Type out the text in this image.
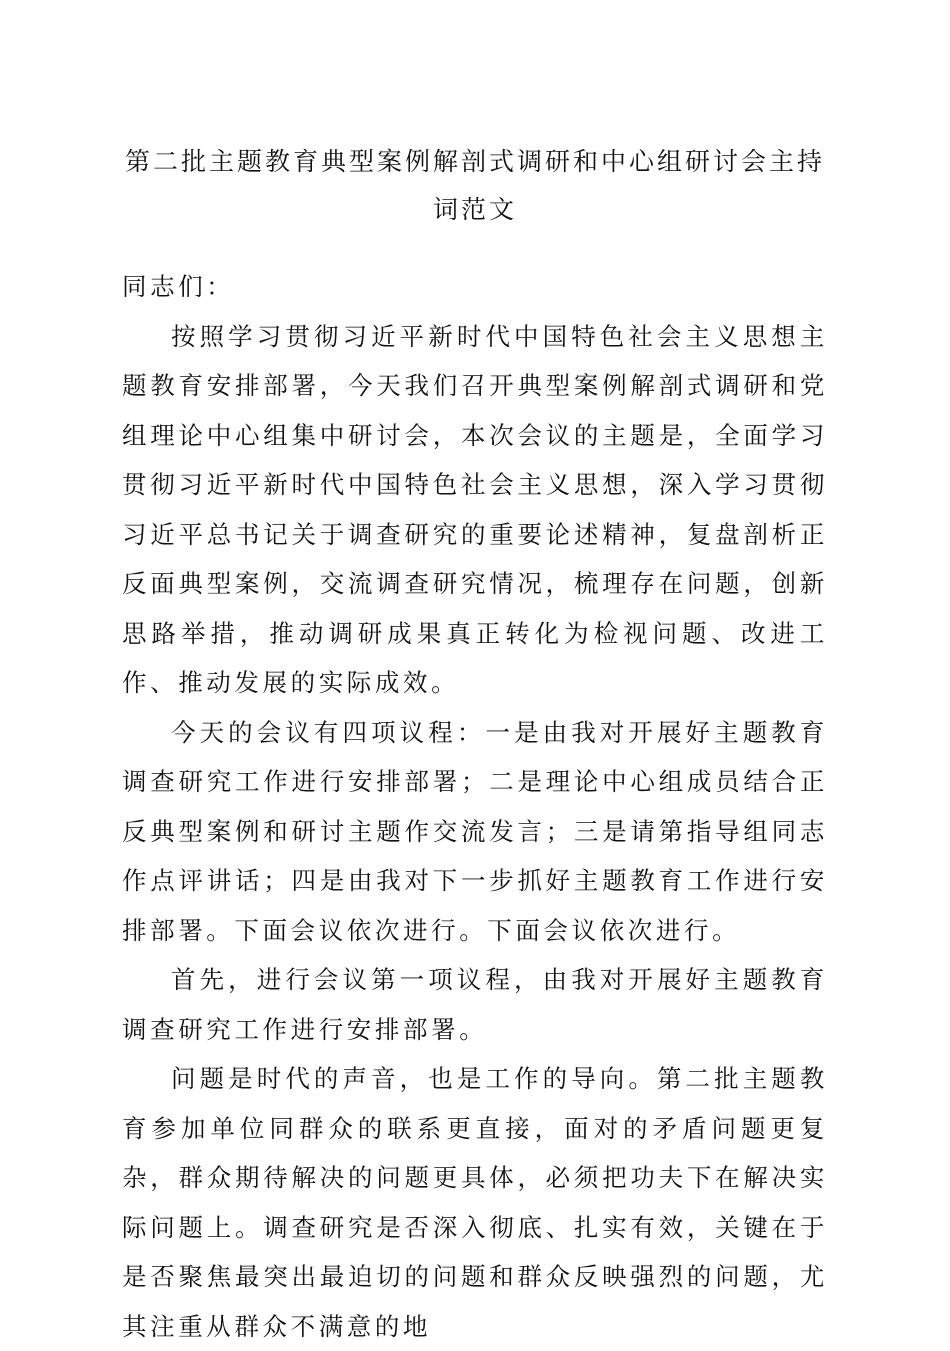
第二批主题教育典型案例解剖式调研和中心组研讨会主持词范文

同志们：

按照学习贯彻习近平新时代中国特色社会主义思想主题教育安排部署，今天我们召开典型案例解剖式调研和党组理论中心组集中研讨会，本次会议的主题是，全面学习贯彻习近平新时代中国特色社会主义思想，深入学习贯彻习近平总书记关于调查研究的重要论述精神，复盘剖析正反面典型案例，交流调查研究情况，梳理存在问题，创新思路举措，推动调研成果真正转化为检视问题、改进工作、推动发展的实际成效。

今天的会议有四项议程：一是由我对开展好主题教育调查研究工作进行安排部署；二是理论中心组成员结合正反典型案例和研讨主题作交流发言；三是请第指导组同志作点评讲话；四是由我对下一步抓好主题教育工作进行安排部署。下面会议依次进行。下面会议依次进行。

首先，进行会议第一项议程，由我对开展好主题教育调查研究工作进行安排部署。

问题是时代的声音，也是工作的导向。第二批主题教育参加单位同群众的联系更直接，面对的矛盾问题更复杂，群众期待解决的问题更具体，必须把功夫下在解决实际问题上。调查研究是否深入彻底、扎实有效，关键在于是否聚焦最突出最迫切的问题和群众反映强烈的问题，尤其注重从群众不满意的地
